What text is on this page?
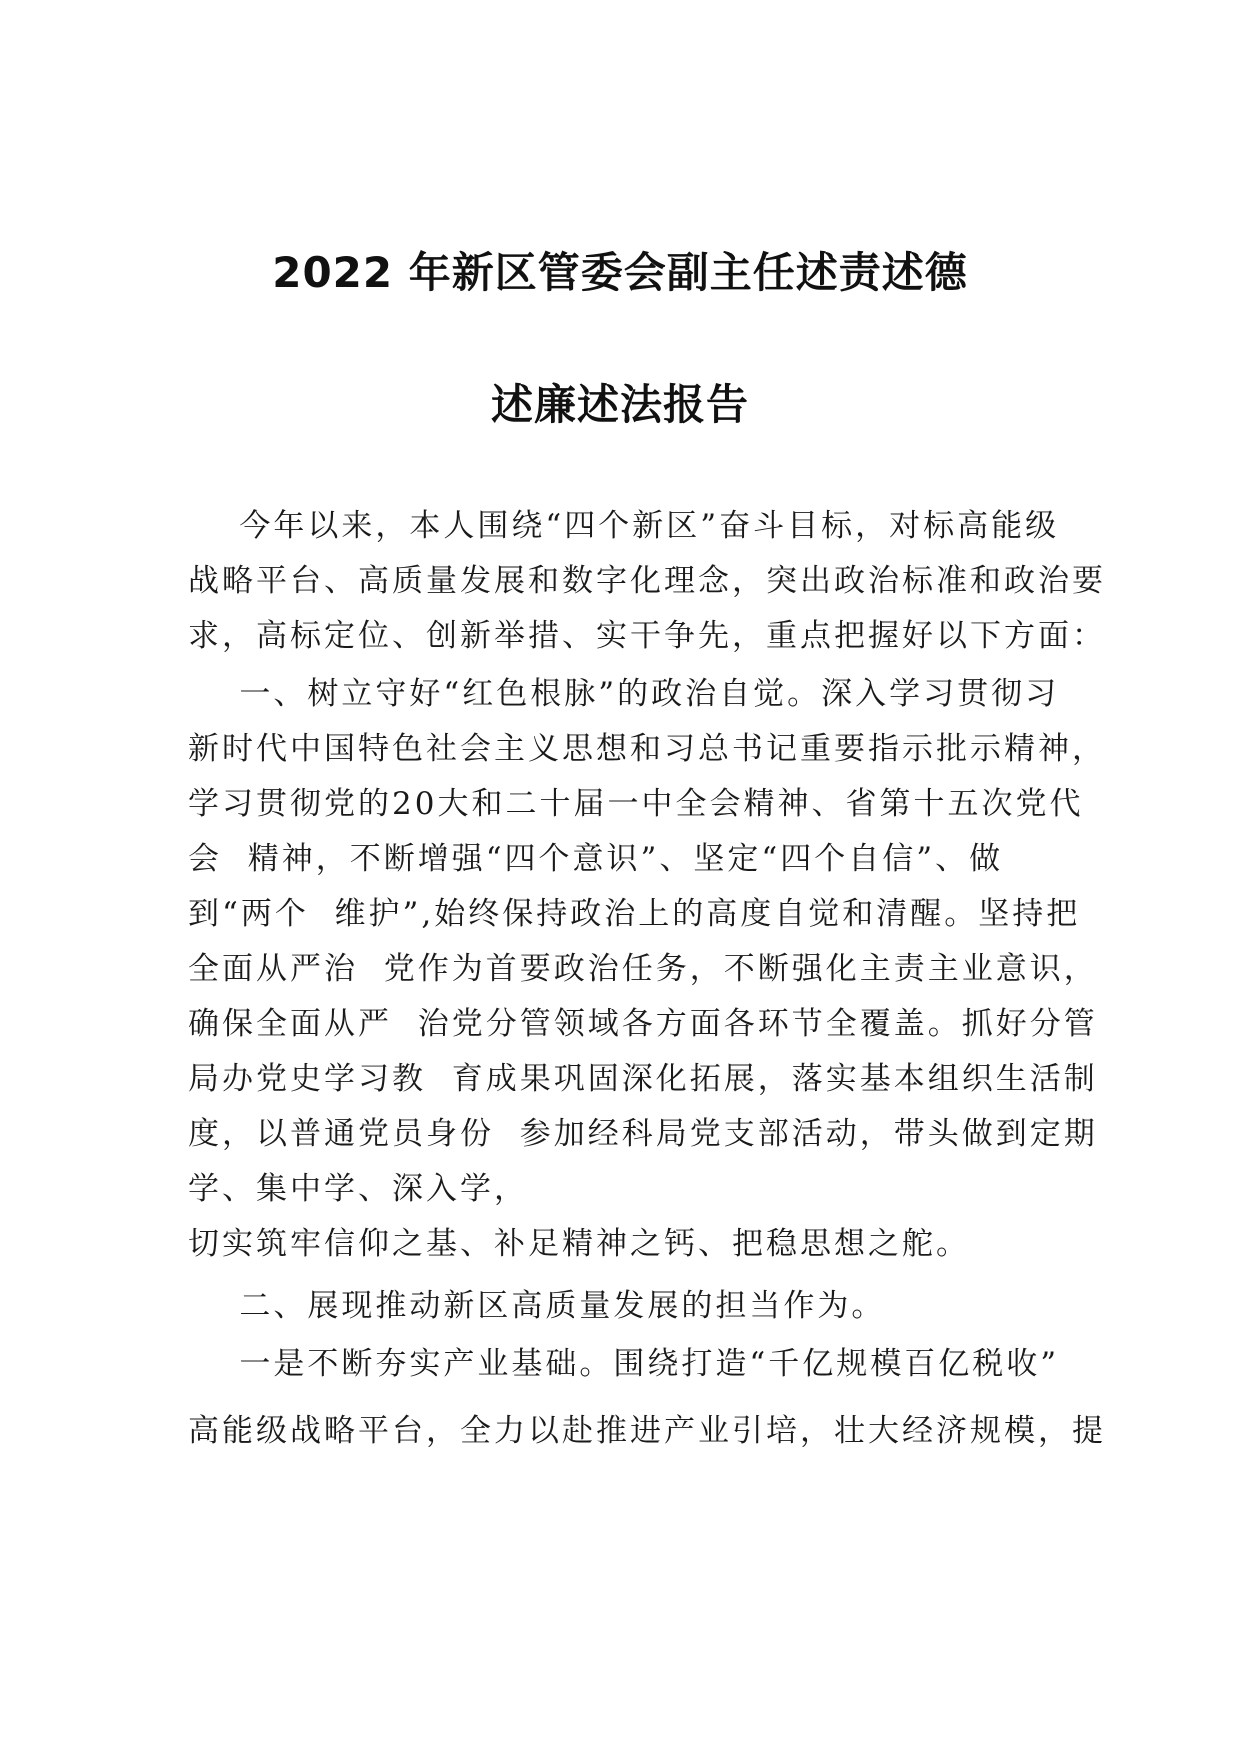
2022 年新区管委会副主任述责述德
述廉述法报告

今年以来，本人围绕“四个新区”奋斗目标，对标高能级

战略平台、高质量发展和数字化理念，突出政治标准和政治要

求，高标定位、创新举措、实干争先，重点把握好以下方面：

一、树立守好“红色根脉”的政治自觉。深入学习贯彻习

新时代中国特色社会主义思想和习总书记重要指示批示精神，

学习贯彻党的20大和二十届一中全会精神、省第十五次党代

会  精神，不断增强“四个意识”、坚定“四个自信”、做

到“两个  维护”,始终保持政治上的高度自觉和清醒。坚持把

全面从严治  党作为首要政治任务，不断强化主责主业意识，

确保全面从严  治党分管领域各方面各环节全覆盖。抓好分管

局办党史学习教  育成果巩固深化拓展，落实基本组织生活制

度，以普通党员身份  参加经科局党支部活动，带头做到定期

学、集中学、深入学，

切实筑牢信仰之基、补足精神之钙、把稳思想之舵。

二、展现推动新区高质量发展的担当作为。

一是不断夯实产业基础。围绕打造“千亿规模百亿税收”

高能级战略平台，全力以赴推进产业引培，壮大经济规模，提
